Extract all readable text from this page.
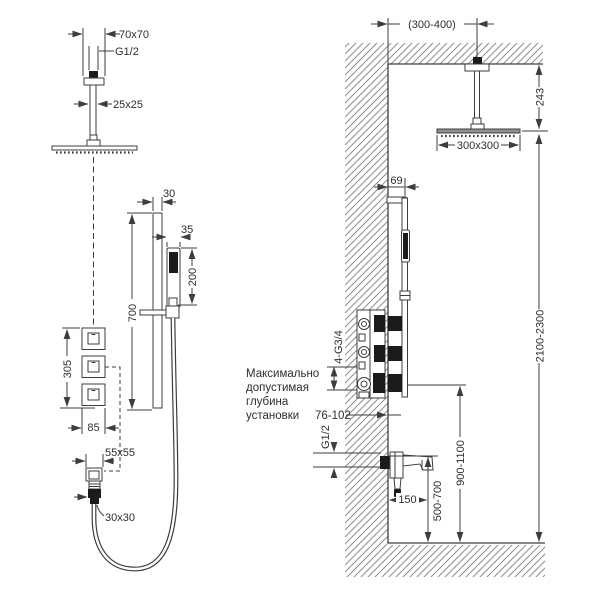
70x70
G1/2
25x25
30
700
35
200
305
85
55x55
30x30
(300-400)
300x300
243
2100-2300
69
4-G3/4
Максимально
допустимая
глубина
установки 76-102
G1/2
150 500-700
900-1100
